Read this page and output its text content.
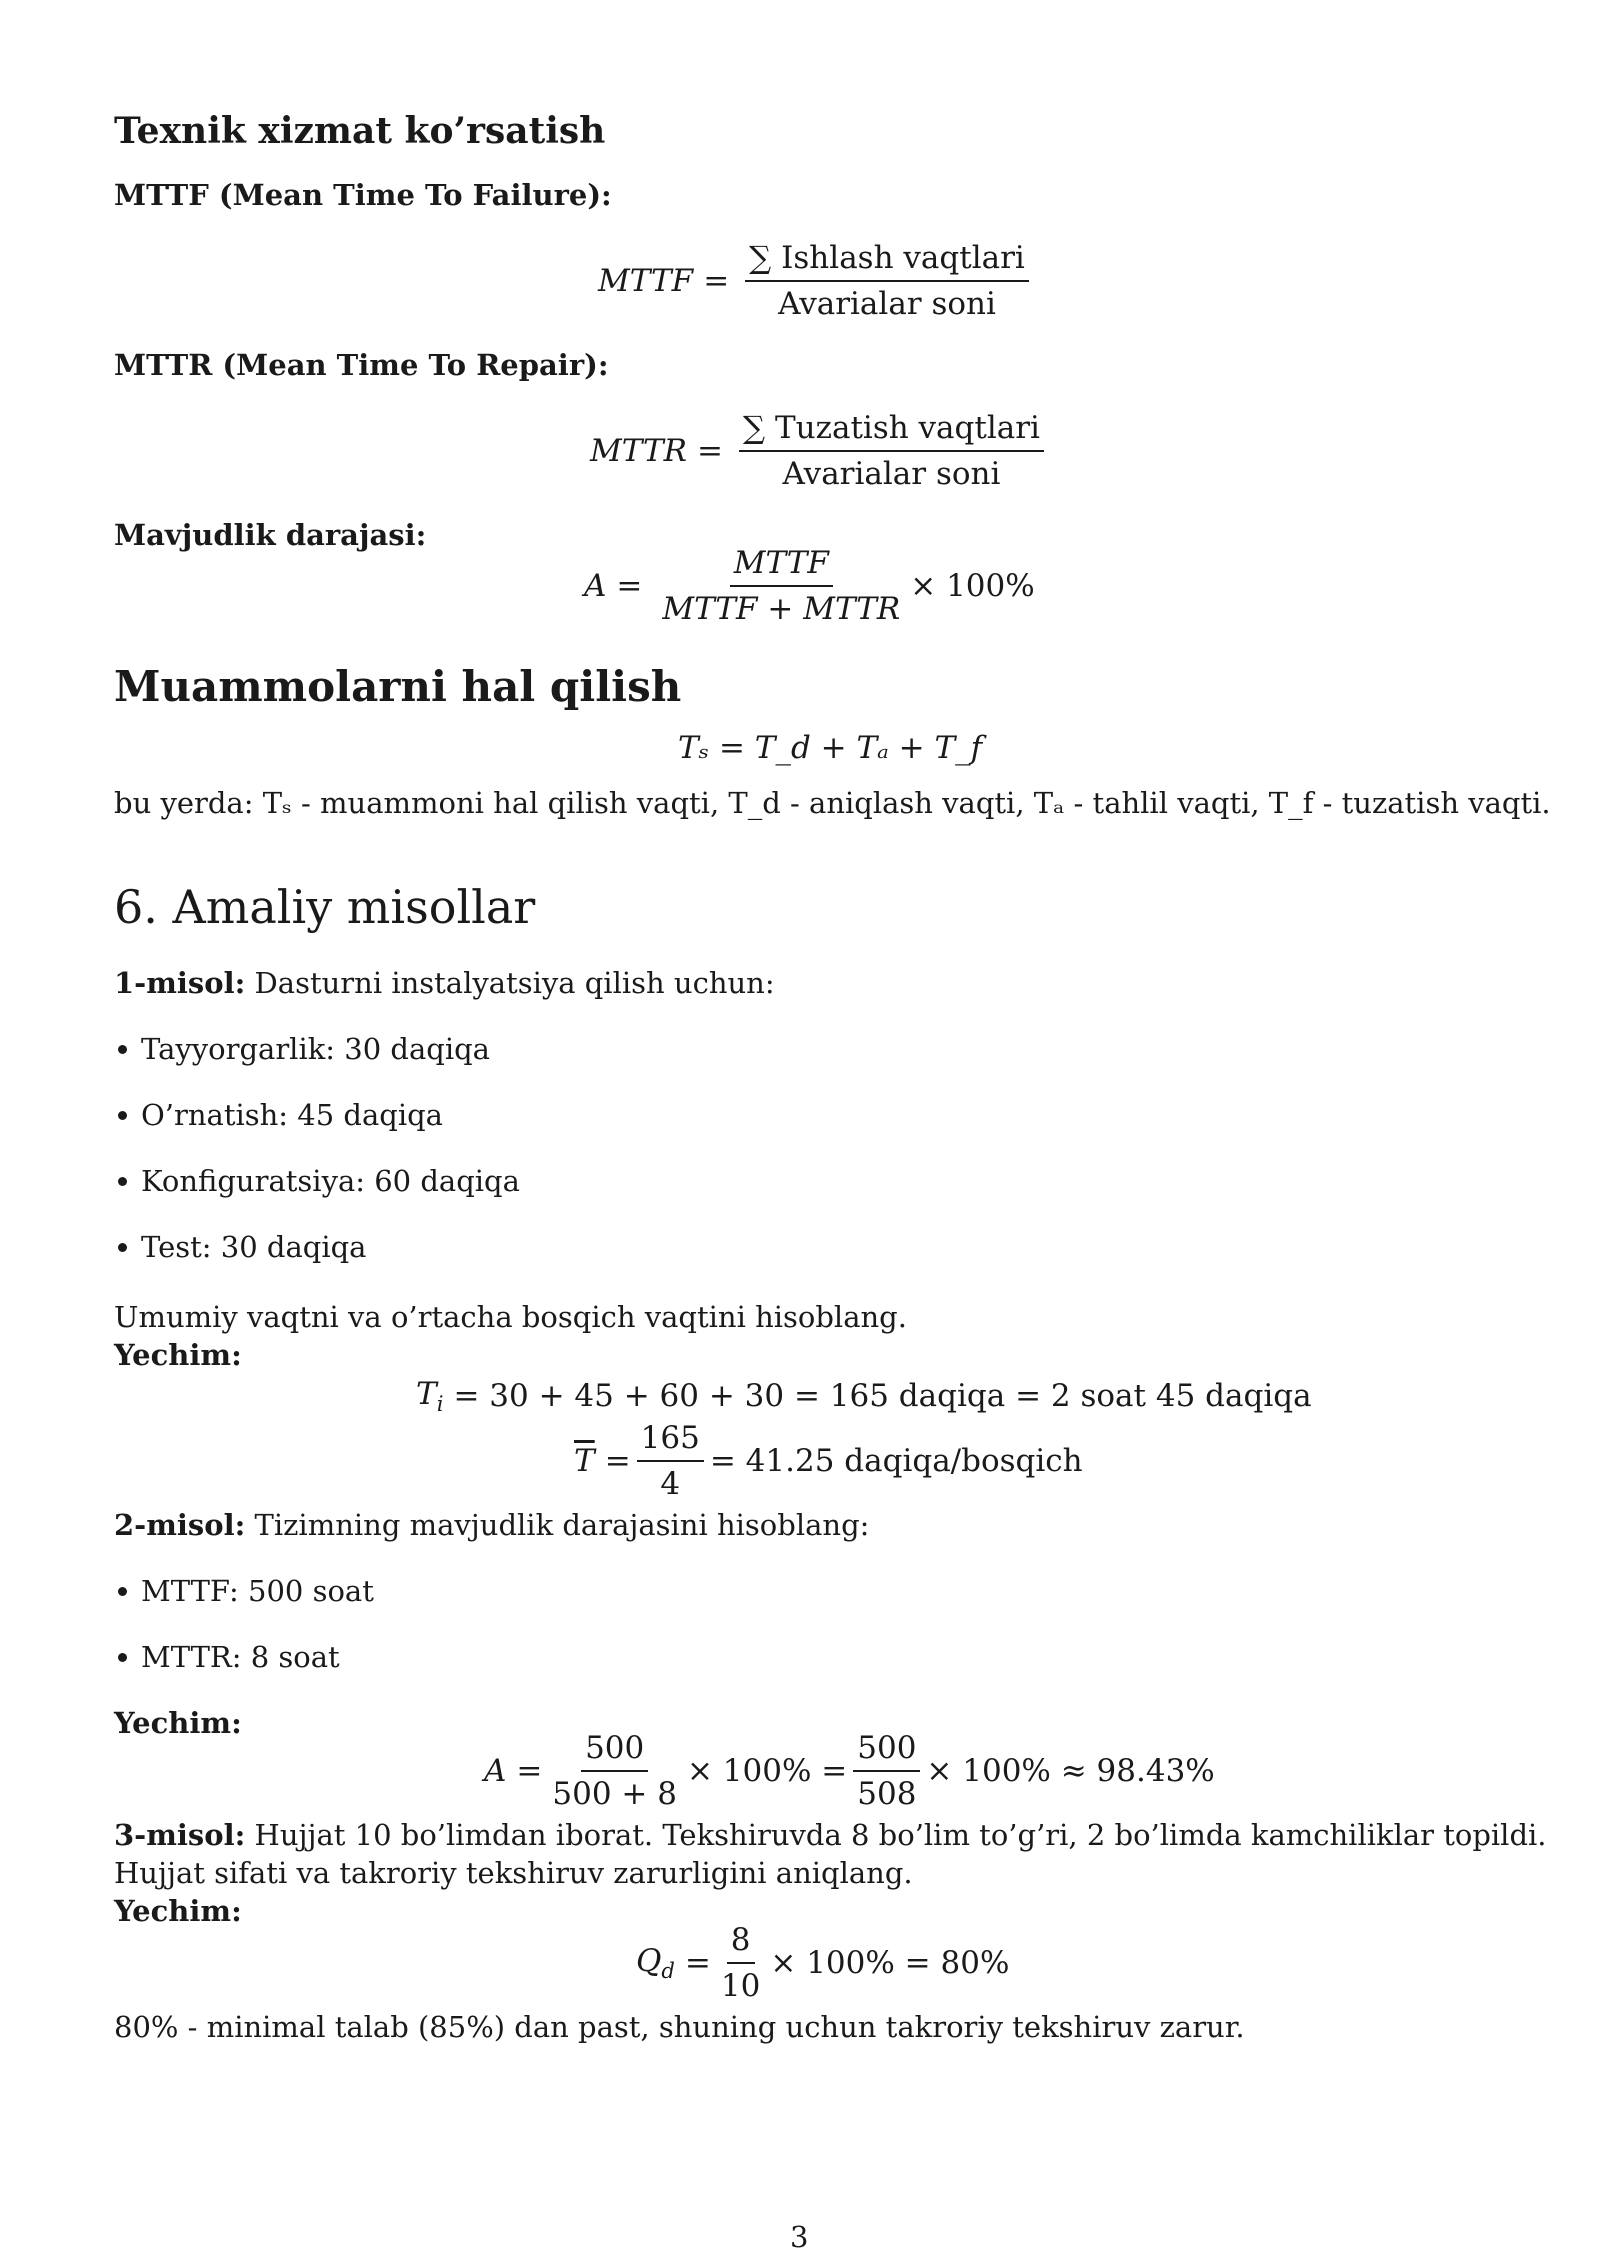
Texnik xizmat ko’rsatish
MTTF (Mean Time To Failure):
MTTF = $\frac{\text{∑ Ishlash vaqtlari}}{\text{Avarialar soni}}$
MTTR (Mean Time To Repair):
MTTR = $\frac{\text{∑ Tuzatish vaqtlari}}{\text{Avarialar soni}}$
Mavjudlik darajasi:
$A = \frac{\text{MTTF}}{\text{MTTF + MTTR}} \times 100\%$
Muammolarni hal qilish
Tₛ = T_d + Tₐ + T_f
bu yerda: Tₛ - muammoni hal qilish vaqti, T_d - aniqlash vaqti, Tₐ - tahlil vaqti, T_f - tuzatish vaqti.
6. Amaliy misollar
1-misol: Dasturni instalyatsiya qilish uchun:
Tayyorgarlik: 30 daqiqa
O’rnatish: 45 daqiqa
Konfiguratsiya: 60 daqiqa
Test: 30 daqiqa
Umumiy vaqtni va o’rtacha bosqich vaqtini hisoblang.
Yechim:
$T_i = 30 + 45 + 60 + 30 = 165$ daqiqa = 2 soat 45 daqiqa
$\overline{T} = \frac{165}{4} = 41.25$ daqiqa/bosqich
2-misol: Tizimning mavjudlik darajasini hisoblang:
MTTF: 500 soat
MTTR: 8 soat
Yechim:
$A = \frac{500}{500 + 8} \times 100\% = \frac{500}{508} \times 100\% \approx 98.43\%$
3-misol: Hujjat 10 bo’limdan iborat. Tekshiruvda 8 bo’lim to’g’ri, 2 bo’limda kamchiliklar topildi.
Hujjat sifati va takroriy tekshiruv zarurligini aniqlang.
Yechim:
$Q_d = \frac{8}{10} \times 100\% = 80\%$
80% - minimal talab (85%) dan past, shuning uchun takroriy tekshiruv zarur.
3
